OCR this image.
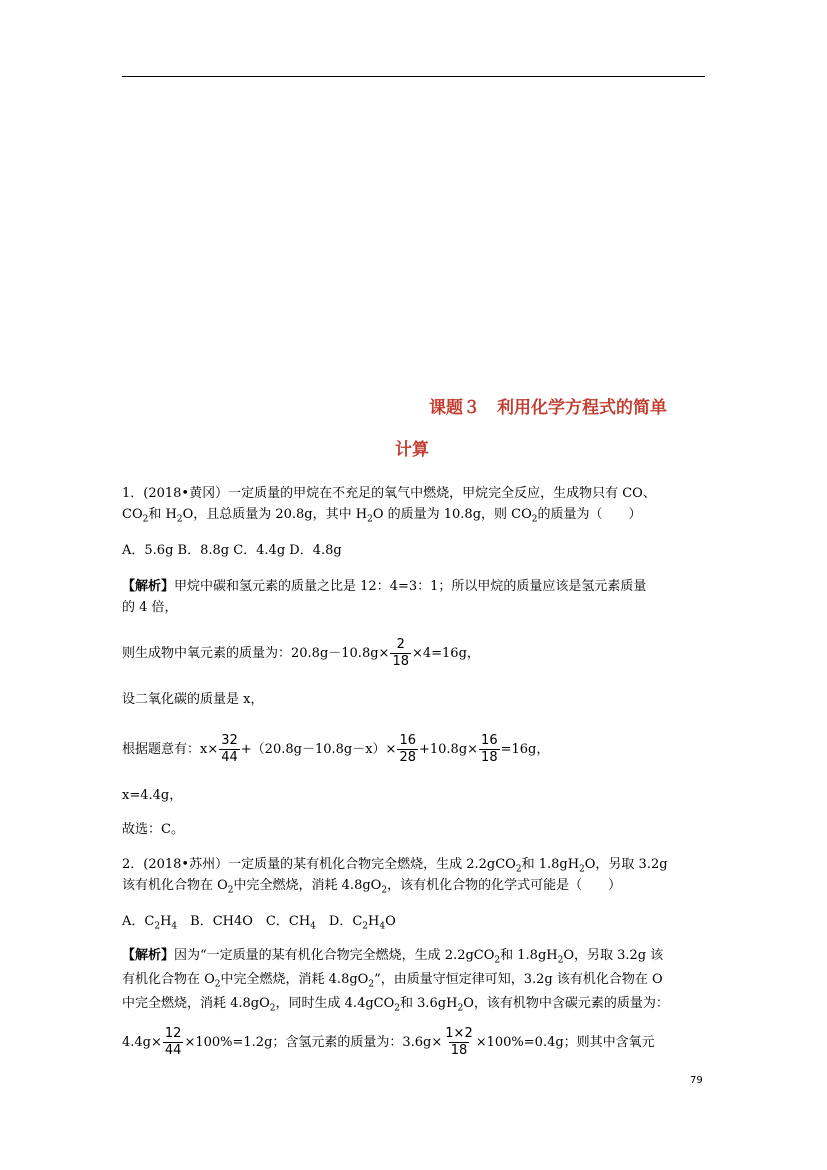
课题３　利用化学方程式的简单
计算
1．(2018•黄冈）一定质量的甲烷在不充足的氧气中燃烧，甲烷完全反应，生成物只有 CO、
$CO_2$和 $H_2O$，且总质量为 20.8g，其中 $H_2O$ 的质量为 10.8g，则 $CO_2$的质量为（　　）
A．5.6g B．8.8g C．4.4g D．4.8g
【解析】甲烷中碳和氢元素的质量之比是 12：4=3：1；所以甲烷的质量应该是氢元素质量
的 4 倍，
则生成物中氧元素的质量为：$20.8g-10.8g\times \frac{2}{18} \times 4=16g$，
设二氧化碳的质量是 x，
根据题意有：$x\times \frac{32}{44} +(20.8g-10.8g-x)\times \frac{16}{28} +10.8g\times \frac{16}{18} =16g$，
x=4.4g，
故选：C。
2．(2018•苏州）一定质量的某有机化合物完全燃烧，生成 2.2gCO$_2$和 $1.8gH_2O$，另取 3.2g
该有机化合物在 $O_2$中完全燃烧，消耗 $4.8gO_2$，该有机化合物的化学式可能是（　　）
A．$C_2H_4$　B．CH4O　C．$CH_4$　D．$C_2H_4O$
【解析】因为“一定质量的某有机化合物完全燃烧，生成 2.2gCO$_2$和 $1.8gH_2O$，另取 3.2g 该
有机化合物在 $O_2$中完全燃烧，消耗 $4.8gO_2$”，由质量守恒定律可知，3.2g 该有机化合物在 O
中完全燃烧，消耗 $4.8gO_2$，同时生成 4.4gCO$_2$和 $3.6gH_2O$，该有机物中含碳元素的质量为：
$4.4g\times \frac{12}{44} \times 100\%=1.2g$；含氢元素的质量为：$3.6g\times \frac{1\times 2}{18} \times 100\%=0.4g$；则其中含氧元
79
